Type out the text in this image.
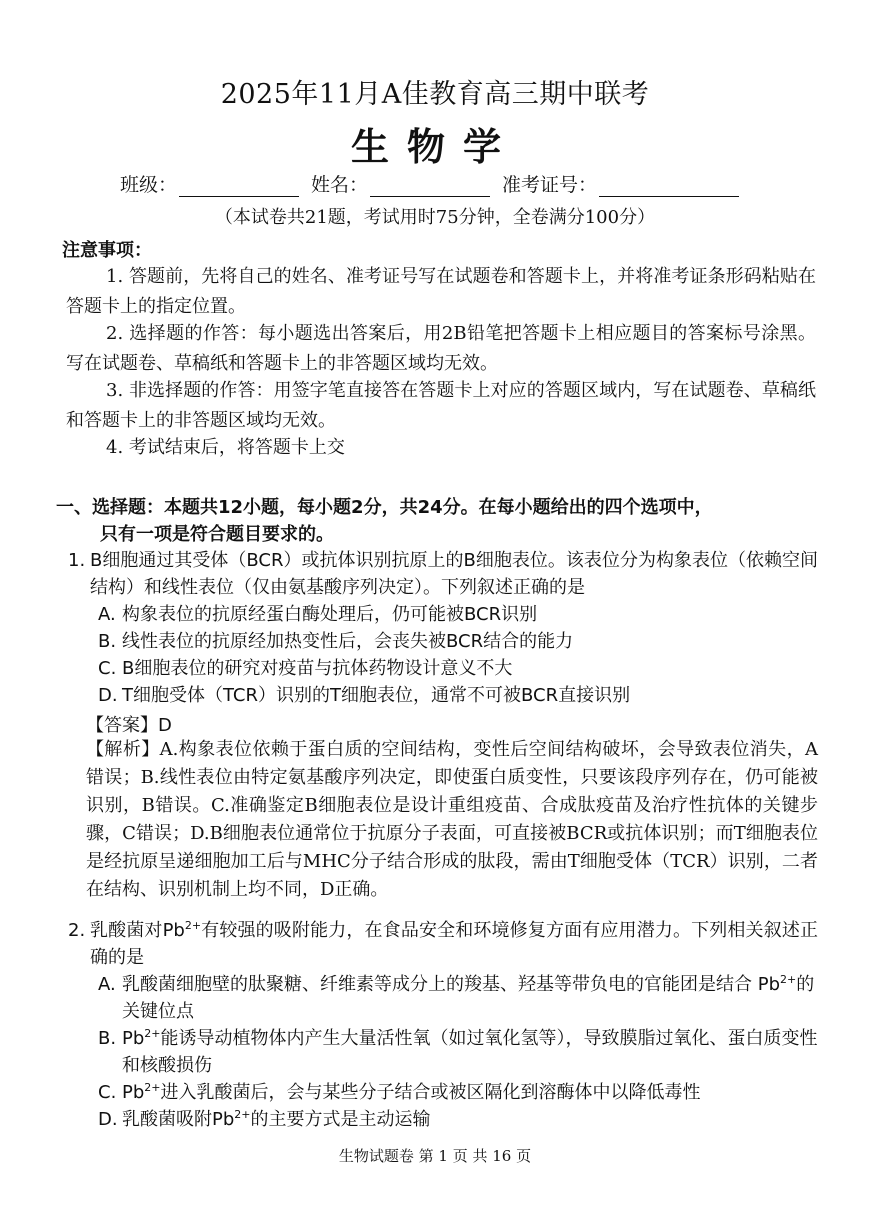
2025年11月A佳教育高三期中联考
生物学
班级：	姓名：	准考证号：
（本试卷共21题，考试用时75分钟，全卷满分100分）
注意事项：
1. 答题前，先将自己的姓名、准考证号写在试题卷和答题卡上，并将准考证条形码粘贴在答题卡上的指定位置。
2. 选择题的作答：每小题选出答案后，用2B铅笔把答题卡上相应题目的答案标号涂黑。写在试题卷、草稿纸和答题卡上的非答题区域均无效。
3. 非选择题的作答：用签字笔直接答在答题卡上对应的答题区域内，写在试题卷、草稿纸和答题卡上的非答题区域均无效。
4. 考试结束后，将答题卡上交
一、选择题：本题共12小题，每小题2分，共24分。在每小题给出的四个选项中，
只有一项是符合题目要求的。
1. B细胞通过其受体（BCR）或抗体识别抗原上的B细胞表位。该表位分为构象表位（依赖空间结构）和线性表位（仅由氨基酸序列决定）。下列叙述正确的是
A. 构象表位的抗原经蛋白酶处理后，仍可能被BCR识别
B. 线性表位的抗原经加热变性后，会丧失被BCR结合的能力
C. B细胞表位的研究对疫苗与抗体药物设计意义不大
D. T细胞受体（TCR）识别的T细胞表位，通常不可被BCR直接识别
【答案】D
【解析】A.构象表位依赖于蛋白质的空间结构，变性后空间结构破坏，会导致表位消失，A错误；B.线性表位由特定氨基酸序列决定，即使蛋白质变性，只要该段序列存在，仍可能被识别，B错误。C.准确鉴定B细胞表位是设计重组疫苗、合成肽疫苗及治疗性抗体的关键步骤，C错误；D.B细胞表位通常位于抗原分子表面，可直接被BCR或抗体识别；而T细胞表位是经抗原呈递细胞加工后与MHC分子结合形成的肽段，需由T细胞受体（TCR）识别，二者在结构、识别机制上均不同，D正确。
2. 乳酸菌对$Pb^{2+}$有较强的吸附能力，在食品安全和环境修复方面有应用潜力。下列相关叙述正确的是
A. 乳酸菌细胞壁的肽聚糖、纤维素等成分上的羧基、羟基等带负电的官能团是结合 $Pb^{2+}$的关键位点
B. $Pb^{2+}$能诱导动植物体内产生大量活性氧（如过氧化氢等），导致膜脂过氧化、蛋白质变性和核酸损伤
C. $Pb^{2+}$进入乳酸菌后，会与某些分子结合或被区隔化到溶酶体中以降低毒性
D. 乳酸菌吸附$Pb^{2+}$的主要方式是主动运输
生物试题卷 第 1 页 共 16 页
